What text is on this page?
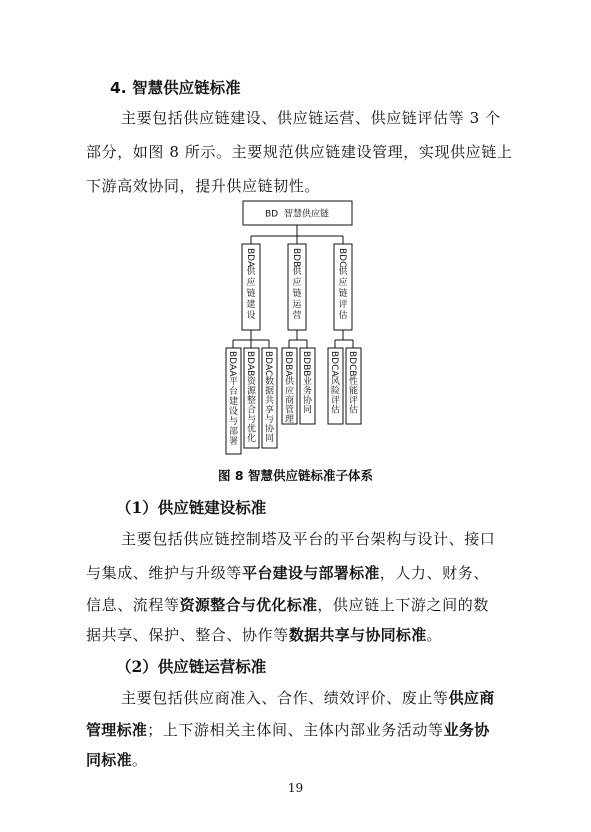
4. 智慧供应链标准
主要包括供应链建设、供应链运营、供应链评估等 3 个
部分，如图 8 所示。主要规范供应链建设管理，实现供应链上
下游高效协同，提升供应链韧性。
BD 智慧供应链
BDA
供应链建设
BDB
供应链运营
BDC
供应链评估
BDAA
平台建设与部署
BDAB
资源整合与优化
BDAC
数据共享与协同
BDBA
供应商管理
BDBB
业务协同
BDCA
风险评估
BDCB
性能评估
图 8 智慧供应链标准子体系
（1）供应链建设标准
主要包括供应链控制塔及平台的平台架构与设计、接口
与集成、维护与升级等平台建设与部署标准，人力、财务、
信息、流程等资源整合与优化标准，供应链上下游之间的数
据共享、保护、整合、协作等数据共享与协同标准。
（2）供应链运营标准
主要包括供应商准入、合作、绩效评价、废止等供应商
管理标准；上下游相关主体间、主体内部业务活动等业务协
同标准。
19
